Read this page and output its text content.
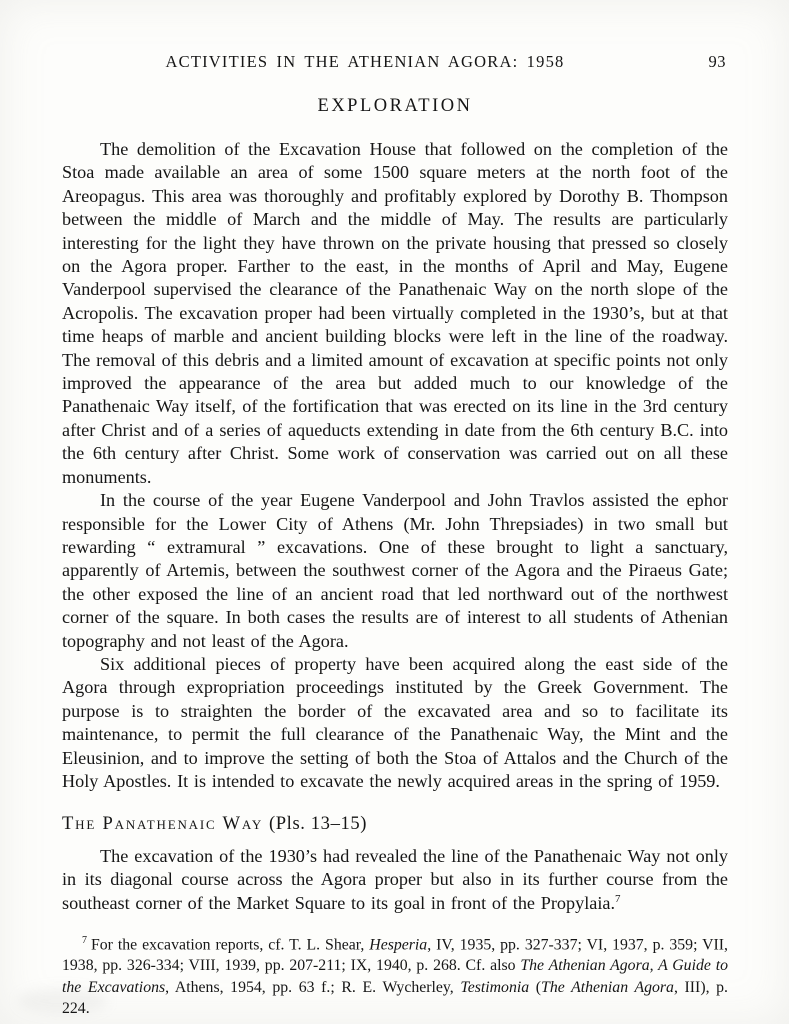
ACTIVITIES IN THE ATHENIAN AGORA: 1958	93
EXPLORATION

The demolition of the Excavation House that followed on the completion of the Stoa made available an area of some 1500 square meters at the north foot of the Areopagus. This area was thoroughly and profitably explored by Dorothy B. Thompson between the middle of March and the middle of May. The results are particularly interesting for the light they have thrown on the private housing that pressed so closely on the Agora proper. Farther to the east, in the months of April and May, Eugene Vanderpool supervised the clearance of the Panathenaic Way on the north slope of the Acropolis. The excavation proper had been virtually completed in the 1930’s, but at that time heaps of marble and ancient building blocks were left in the line of the roadway. The removal of this debris and a limited amount of excavation at specific points not only improved the appearance of the area but added much to our knowledge of the Panathenaic Way itself, of the fortification that was erected on its line in the 3rd century after Christ and of a series of aqueducts extending in date from the 6th century B.C. into the 6th century after Christ. Some work of conservation was carried out on all these monuments.

In the course of the year Eugene Vanderpool and John Travlos assisted the ephor responsible for the Lower City of Athens (Mr. John Threpsiades) in two small but rewarding “ extramural ” excavations. One of these brought to light a sanctuary, apparently of Artemis, between the southwest corner of the Agora and the Piraeus Gate; the other exposed the line of an ancient road that led northward out of the northwest corner of the square. In both cases the results are of interest to all students of Athenian topography and not least of the Agora.

Six additional pieces of property have been acquired along the east side of the Agora through expropriation proceedings instituted by the Greek Government. The purpose is to straighten the border of the excavated area and so to facilitate its maintenance, to permit the full clearance of the Panathenaic Way, the Mint and the Eleusinion, and to improve the setting of both the Stoa of Attalos and the Church of the Holy Apostles. It is intended to excavate the newly acquired areas in the spring of 1959.

The Panathenaic Way (Pls. 13–15)

The excavation of the 1930’s had revealed the line of the Panathenaic Way not only in its diagonal course across the Agora proper but also in its further course from the southeast corner of the Market Square to its goal in front of the Propylaia.$^7$

$^7$ For the excavation reports, cf. T. L. Shear, Hesperia, IV, 1935, pp. 327-337; VI, 1937, p. 359; VII, 1938, pp. 326-334; VIII, 1939, pp. 207-211; IX, 1940, p. 268. Cf. also The Athenian Agora, A Guide to the Excavations, Athens, 1954, pp. 63 f.; R. E. Wycherley, Testimonia (The Athenian Agora, III), p. 224.
